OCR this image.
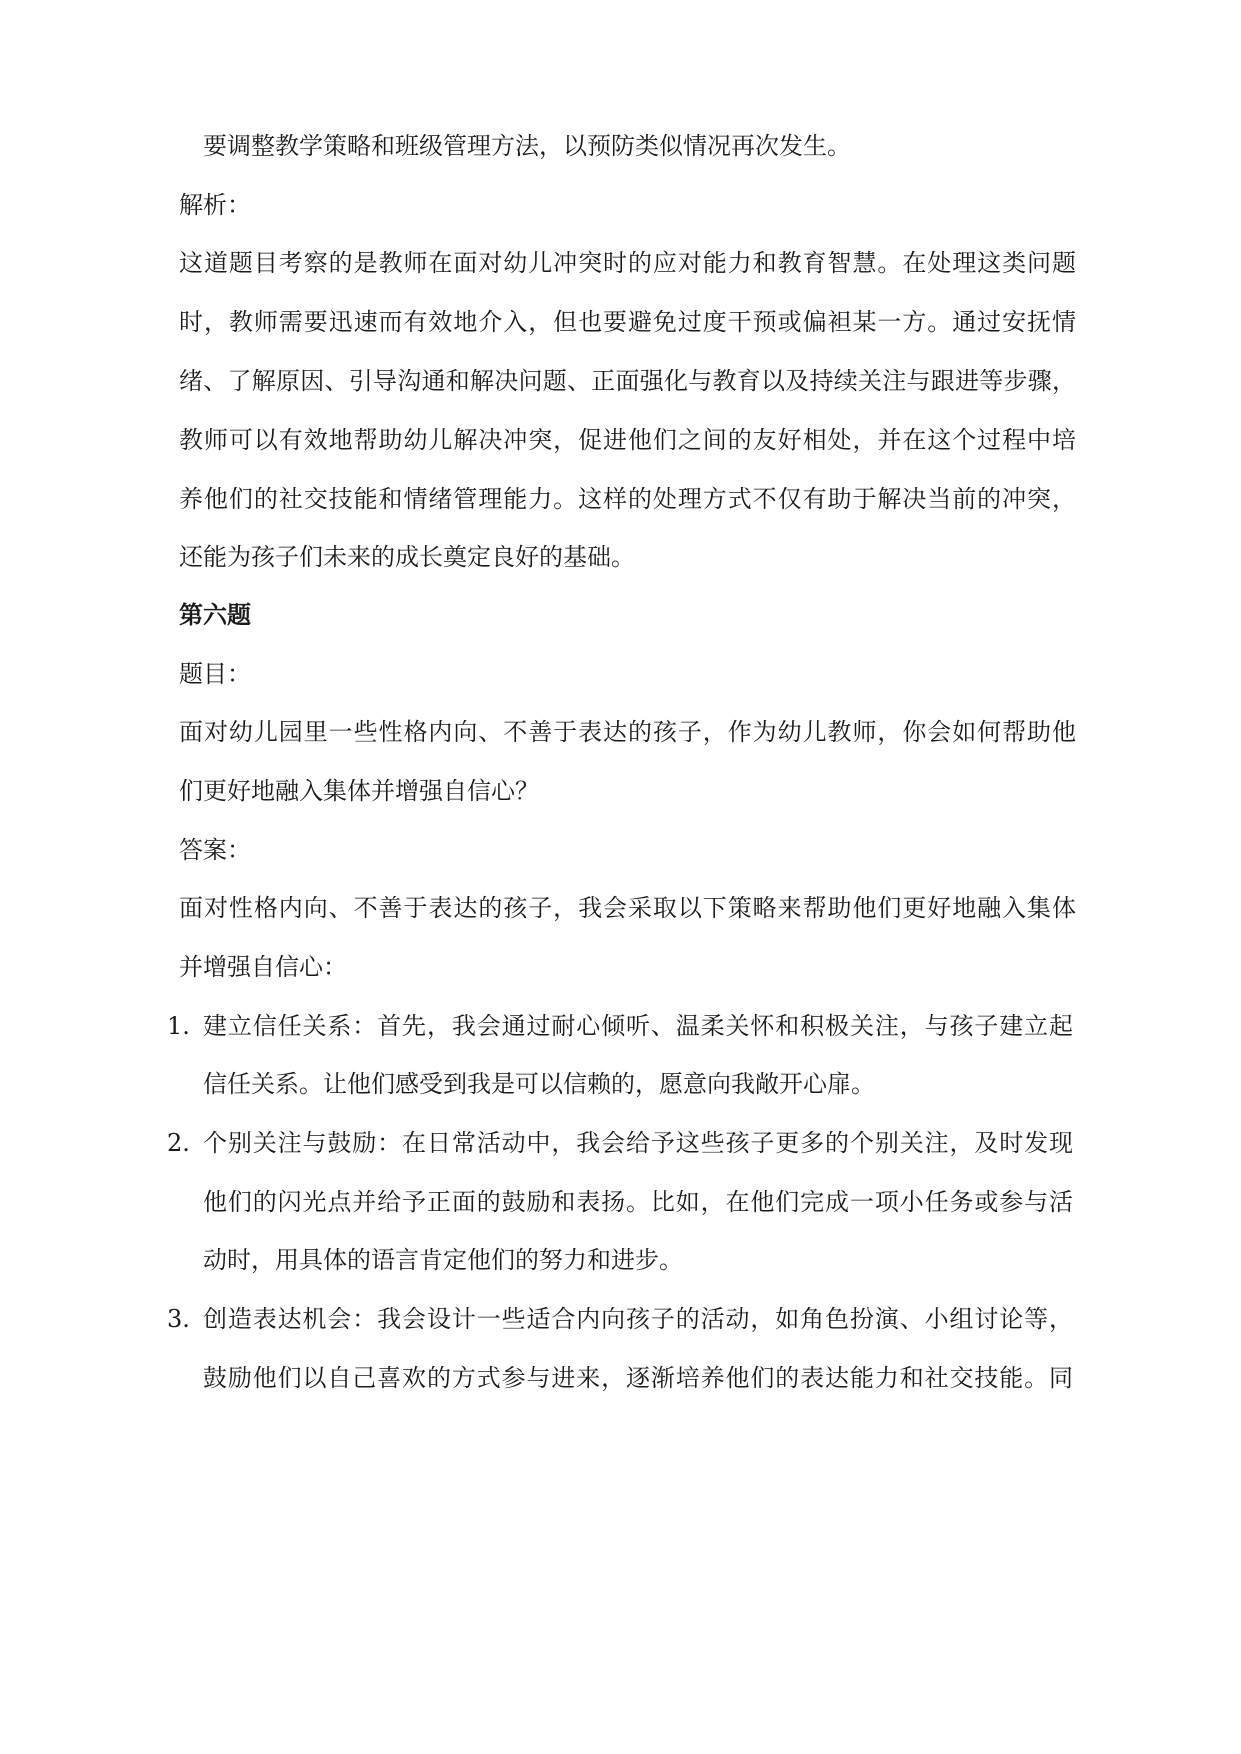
要调整教学策略和班级管理方法，以预防类似情况再次发生。
解析：
这道题目考察的是教师在面对幼儿冲突时的应对能力和教育智慧。在处理这类问题
时，教师需要迅速而有效地介入，但也要避免过度干预或偏袒某一方。通过安抚情
绪、了解原因、引导沟通和解决问题、正面强化与教育以及持续关注与跟进等步骤，
教师可以有效地帮助幼儿解决冲突，促进他们之间的友好相处，并在这个过程中培
养他们的社交技能和情绪管理能力。这样的处理方式不仅有助于解决当前的冲突，
还能为孩子们未来的成长奠定良好的基础。
第六题
题目：
面对幼儿园里一些性格内向、不善于表达的孩子，作为幼儿教师，你会如何帮助他
们更好地融入集体并增强自信心？
答案：
面对性格内向、不善于表达的孩子，我会采取以下策略来帮助他们更好地融入集体
并增强自信心：
1. 建立信任关系：首先，我会通过耐心倾听、温柔关怀和积极关注，与孩子建立起
信任关系。让他们感受到我是可以信赖的，愿意向我敞开心扉。
2. 个别关注与鼓励：在日常活动中，我会给予这些孩子更多的个别关注，及时发现
他们的闪光点并给予正面的鼓励和表扬。比如，在他们完成一项小任务或参与活
动时，用具体的语言肯定他们的努力和进步。
3. 创造表达机会：我会设计一些适合内向孩子的活动，如角色扮演、小组讨论等，
鼓励他们以自己喜欢的方式参与进来，逐渐培养他们的表达能力和社交技能。同
